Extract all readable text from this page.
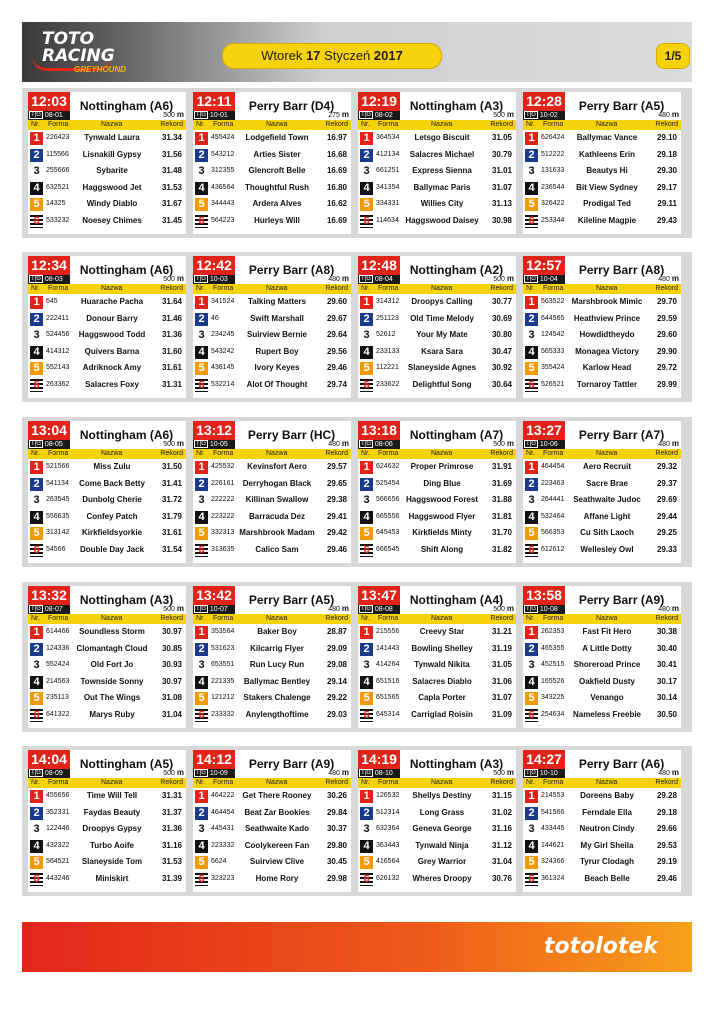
TOTO
RACING
GREYHOUND
Wtorek 17 Styczeń 2017	1/5
12:03
T|G 08-01
Nottingham (A6)
500 m
Nr. Forma	Nazwa	Rekord
1 226423	Tynwald Laura	31.34
2 115566	Lisnakill Gypsy	31.56
3 255666	Sybarite	31.48
4 632521	Haggswood Jet	31.53
5 14325	Windy Diablo	31.67
6 533232	Noesey Chimes	31.45
12:11
T|G 10-01
Perry Barr (D4)
275 m
Nr. Forma	Nazwa	Rekord
1 455424	Lodgefield Town	16.97
2 543212	Arties Sister	16.68
3 312355	Glencroft Belle	16.69
4 436564	Thoughtful Rush	16.80
5 344443	Ardera Alves	16.62
6 564223	Hurleys Will	16.69
12:19
T|G 08-02
Nottingham (A3)
500 m
Nr. Forma	Nazwa	Rekord
1 364534	Letsgo Biscuit	31.05
2 412134	Salacres Michael	30.79
3 661251	Express Sienna	31.01
4 341354	Ballymac Paris	31.07
5 334331	Willies City	31.13
6 114634 Haggswood Daisey	30.98
12:28
T|G 10-02
Perry Barr (A5)
480 m
Nr. Forma	Nazwa	Rekord
1 626424	Ballymac Vance	29.10
2 512222	Kathleens Erin	29.18
3 131633	Beautys Hi	29.30
4 236544	Bit View Sydney	29.17
5 326422	Prodigal Ted	29.11
6 253344	Kileline Magpie	29.43
12:34
T|G 08-03
Nottingham (A6)
500 m
Nr. Forma	Nazwa	Rekord
1 645	Huarache Pacha	31.64
2 222411	Donour Barry	31.46
3 524456	Haggswood Todd	31.36
4 414312	Quivers Barna	31.60
5 552143	Adriknock Amy	31.61
6 263362	Salacres Foxy	31.31
12:42
T|G 10-03
Perry Barr (A8)
480 m
Nr. Forma	Nazwa	Rekord
1 341524	Talking Matters	29.60
2 46	Swift Marshall	29.67
3 234245	Suirview Bernie	29.64
4 543242	Rupert Boy	29.56
5 436145	Ivory Keyes	29.46
6 532214	Alot Of Thought	29.74
12:48
T|G 08-04
Nottingham (A2)
500 m
Nr. Forma	Nazwa	Rekord
1 314312	Droopys Calling	30.77
2 251123	Old Time Melody	30.69
3 52612	Your My Mate	30.80
4 233133	Ksara Sara	30.47
5 112221	Slaneyside Agnes	30.92
6 233622	Delightful Song	30.64
12:57
T|G 10-04
Perry Barr (A8)
480 m
Nr. Forma	Nazwa	Rekord
1 563522 Marshbrook Mimic	29.70
2 644565	Heathview Prince	29.59
3 124542	Howdidtheydo	29.60
4 565333	Monagea Victory	29.90
5 355424	Karlow Head	29.72
6 526521	Tornaroy Tattler	29.99
13:04
T|G 08-05
Nottingham (A6)
500 m
Nr. Forma	Nazwa	Rekord
1 521566	Miss Zulu	31.50
2 541134	Come Back Betty	31.41
3 263545	Dunbolg Cherie	31.72
4 556635	Confey Patch	31.79
5 313142	Kirkfieldsyorkie	31.61
6 54566	Double Day Jack	31.54
13:12
T|G 10-05
Perry Barr (HC)
480 m
Nr. Forma	Nazwa	Rekord
1 425532	Kevinsfort Aero	29.57
2 226161	Derryhogan Black	29.65
3 222222	Killinan Swallow	29.38
4 223222	Barracuda Dez	29.41
5 332313 Marshbrook Madam	29.42
6 313635	Calico Sam	29.46
13:18
T|G 08-06
Nottingham (A7)
500 m
Nr. Forma	Nazwa	Rekord
1 624632	Proper Primrose	31.91
2 525454	Ding Blue	31.69
3 566656 Haggswood Forest	31.88
4 665556	Haggswood Flyer	31.81
5 645453	Kirkfields Minty	31.70
6 666545	Shift Along	31.82
13:27
T|G 10-06
Perry Barr (A7)
480 m
Nr. Forma	Nazwa	Rekord
1 464454	Aero Recruit	29.32
2 223463	Sacre Brae	29.37
3 264441	Seathwaite Judoc	29.69
4 532464	Affane Light	29.44
5 566353	Cu Sith Laoch	29.25
6 612612	Wellesley Owl	29.33
13:32
T|G 08-07
Nottingham (A3)
500 m
Nr. Forma	Nazwa	Rekord
1 614466	Soundless Storm	30.97
2 124336 Clomantagh Cloud	30.85
3 552424	Old Fort Jo	30.93
4 214563	Townside Sonny	30.97
5 235113	Out The Wings	31.08
6 641322	Marys Ruby	31.04
13:42
T|G 10-07
Perry Barr (A5)
480 m
Nr. Forma	Nazwa	Rekord
1 353564	Baker Boy	28.87
2 531623	Kilcarrig Flyer	29.09
3 653551	Run Lucy Run	29.08
4 221335	Ballymac Bentley	29.14
5 121212	Stakers Chalenge	29.22
6 233332	Anylengthoftime	29.03
13:47
T|G 08-08
Nottingham (A4)
500 m
Nr. Forma	Nazwa	Rekord
1 215556	Creevy Star	31.21
2 141443	Bowling Shelley	31.19
3 414264	Tynwald Nikita	31.05
4 651516	Salacres Diablo	31.06
5 651565	Capla Porter	31.07
6 645314	Carriglad Roisin	31.09
13:58
T|G 10-08
Perry Barr (A9)
480 m
Nr. Forma	Nazwa	Rekord
1 262353	Fast Fit Hero	30.38
2 465355	A Little Dotty	30.40
3 452515	Shoreroad Prince	30.41
4 165526	Oakfield Dusty	30.17
5 343225	Venango	30.14
6 254634	Nameless Freebie	30.50
14:04
T|G 08-09
Nottingham (A5)
500 m
Nr. Forma	Nazwa	Rekord
1 455656	Time Will Tell	31.31
2 352331	Faydas Beauty	31.37
3 122446	Droopys Gypsy	31.36
4 432322	Turbo Aoife	31.16
5 564521	Slaneyside Tom	31.53
6 443246	Miniskirt	31.39
14:12
T|G 10-09
Perry Barr (A9)
480 m
Nr. Forma	Nazwa	Rekord
1 464222	Get There Rooney	30.26
2 464454	Beat Zar Bookies	29.84
3 445431	Seathwaite Kado	30.37
4 223332	Coolykereen Fan	29.80
5 6624	Suirview Clive	30.45
6 323223	Home Rory	29.98
14:19
T|G 08-10
Nottingham (A3)
500 m
Nr. Forma	Nazwa	Rekord
1 126532	Shellys Destiny	31.15
2 512314	Long Grass	31.02
3 632364	Geneva George	31.16
4 363443	Tynwald Ninja	31.12
5 416564	Grey Warrior	31.04
6 626132	Wheres Droopy	30.76
14:27
T|G 10-10
Perry Barr (A6)
480 m
Nr. Forma	Nazwa	Rekord
1 214553	Doreens Baby	29.28
2 541566	Ferndale Ella	29.18
3 433445	Neutron Cindy	29.66
4 144621	My Girl Sheila	29.53
5 324366	Tyrur Clodagh	29.19
6 361324	Beach Belle	29.46
totolotek
